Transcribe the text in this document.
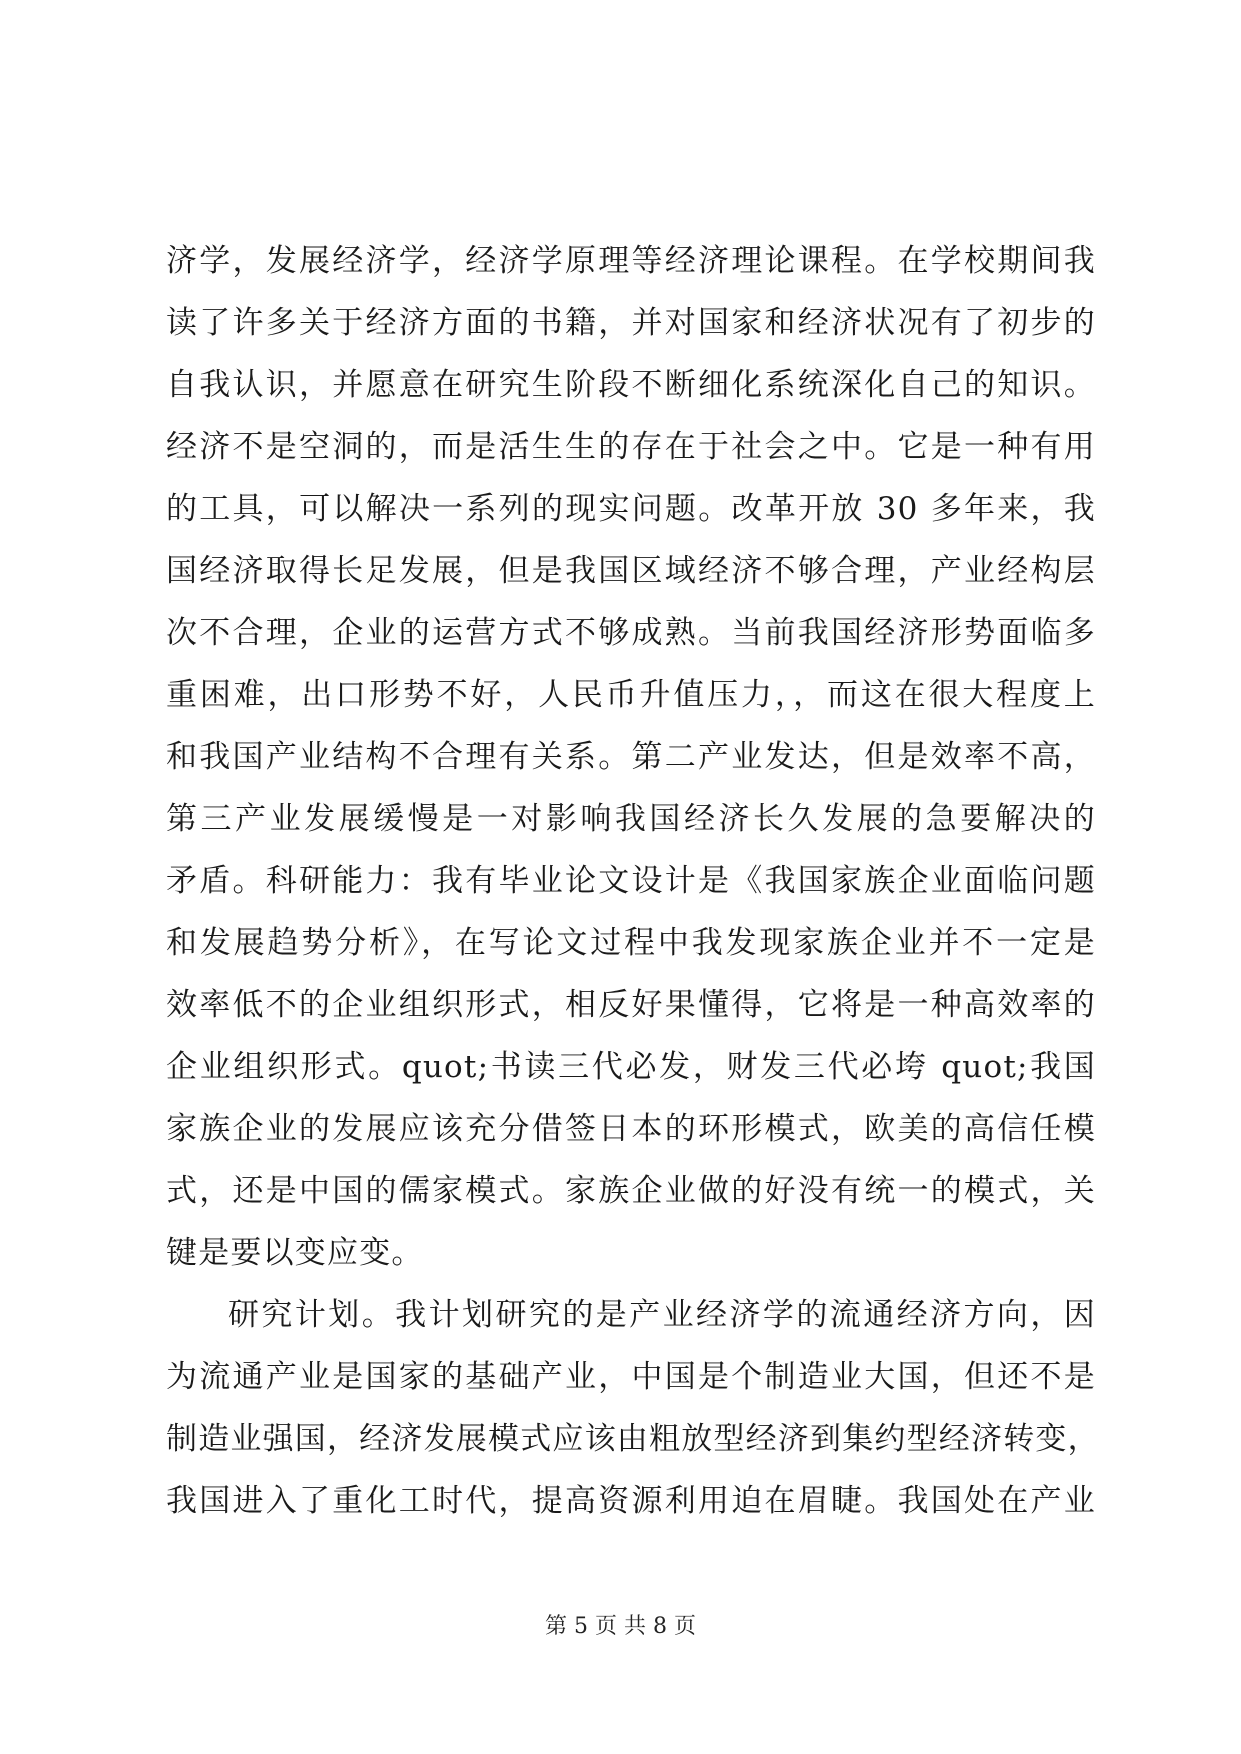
济学，发展经济学，经济学原理等经济理论课程。在学校期间我
读了许多关于经济方面的书籍，并对国家和经济状况有了初步的
自我认识，并愿意在研究生阶段不断细化系统深化自己的知识。
经济不是空洞的，而是活生生的存在于社会之中。它是一种有用
的工具，可以解决一系列的现实问题。改革开放 30 多年来，我
国经济取得长足发展，但是我国区域经济不够合理，产业经构层
次不合理，企业的运营方式不够成熟。当前我国经济形势面临多
重困难，出口形势不好，人民币升值压力，，而这在很大程度上
和我国产业结构不合理有关系。第二产业发达，但是效率不高，
第三产业发展缓慢是一对影响我国经济长久发展的急要解决的
矛盾。科研能力：我有毕业论文设计是《我国家族企业面临问题
和发展趋势分析》，在写论文过程中我发现家族企业并不一定是
效率低不的企业组织形式，相反好果懂得，它将是一种高效率的
企业组织形式。quot;书读三代必发，财发三代必垮 quot;我国
家族企业的发展应该充分借签日本的环形模式，欧美的高信任模
式，还是中国的儒家模式。家族企业做的好没有统一的模式，关
键是要以变应变。
研究计划。我计划研究的是产业经济学的流通经济方向，因
为流通产业是国家的基础产业，中国是个制造业大国，但还不是
制造业强国，经济发展模式应该由粗放型经济到集约型经济转变，
我国进入了重化工时代，提高资源利用迫在眉睫。我国处在产业
第 5 页 共 8 页
